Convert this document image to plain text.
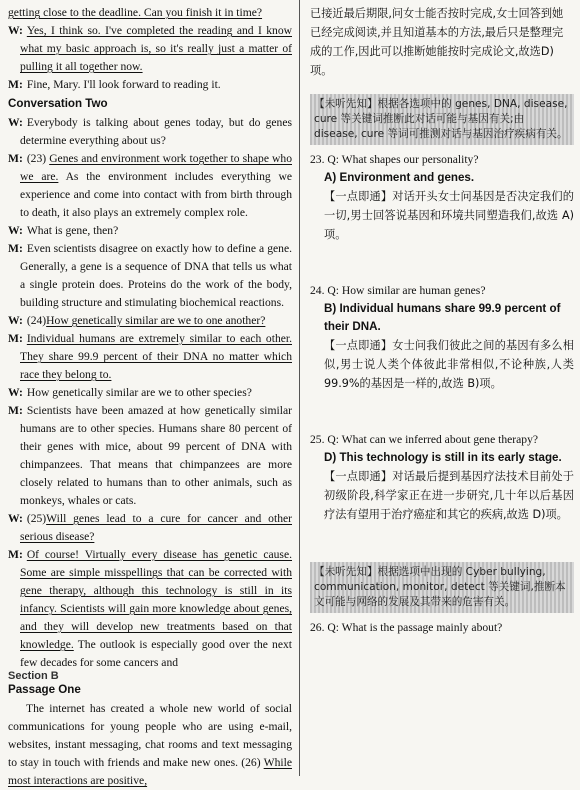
getting close to the deadline. Can you finish it in time?

W: Yes, I think so. I've completed the reading and I know what my basic approach is, so it's really just a matter of pulling it all together now.

M: Fine, Mary. I'll look forward to reading it.

Conversation Two

W: Everybody is talking about genes today, but do genes determine everything about us?

M: (23) Genes and environment work together to shape who we are. As the environment includes everything we experience and come into contact with from birth through to death, it also plays an extremely complex role.

W: What is gene, then?

M: Even scientists disagree on exactly how to define a gene. Generally, a gene is a sequence of DNA that tells us what a single protein does. Proteins do the work of the body, building structure and stimulating biochemical reactions.

W: (24)How genetically similar are we to one another?

M: Individual humans are extremely similar to each other. They share 99.9 percent of their DNA no matter which race they belong to.

W: How genetically similar are we to other species?

M: Scientists have been amazed at how genetically similar humans are to other species. Humans share 80 percent of their genes with mice, about 99 percent of DNA with chimpanzees. That means that chimpanzees are more closely related to humans than to other animals, such as monkeys, whales or cats.

W: (25)Will genes lead to a cure for cancer and other serious disease?

M: Of course! Virtually every disease has genetic cause. Some are simple misspellings that can be corrected with gene therapy, although this technology is still in its infancy. Scientists will gain more knowledge about genes, and they will develop new treatments based on that knowledge. The outlook is especially good over the next few decades for some cancers and

Section B
Passage One

The internet has created a whole new world of social communications for young people who are using e-mail, websites, instant messaging, chat rooms and text messaging to stay in touch with friends and make new ones. (26) While most interactions are positive,

已接近最后期限,问女士能否按时完成,女士回答到她已经完成阅读,并且知道基本的方法,最后只是整理完成的工作,因此可以推断她能按时完成论文,故选D)项。
【未听先知】根据各选项中的 genes, DNA, disease, cure 等关键词推断此对话可能与基因有关;由 disease, cure 等词可推测对话与基因治疗疾病有关。
23. Q: What shapes our personality?
A) Environment and genes.
【一点即通】对话开头女士问基因是否决定我们的一切,男士回答说基因和环境共同塑造我们,故选 A)项。
24. Q: How similar are human genes?
B) Individual humans share 99.9 percent of their DNA.
【一点即通】女士问我们彼此之间的基因有多么相似,男士说人类个体彼此非常相似,不论种族,人类 99.9%的基因是一样的,故选 B)项。
25. Q: What can we inferred about gene therapy?
D) This technology is still in its early stage.
【一点即通】对话最后提到基因疗法技术目前处于初级阶段,科学家正在进一步研究,几十年以后基因疗法有望用于治疗癌症和其它的疾病,故选 D)项。
【未听先知】根据选项中出现的 Cyber bullying, communication, monitor, detect 等关键词,推断本文可能与网络的发展及其带来的危害有关。
26. Q: What is the passage mainly about?
